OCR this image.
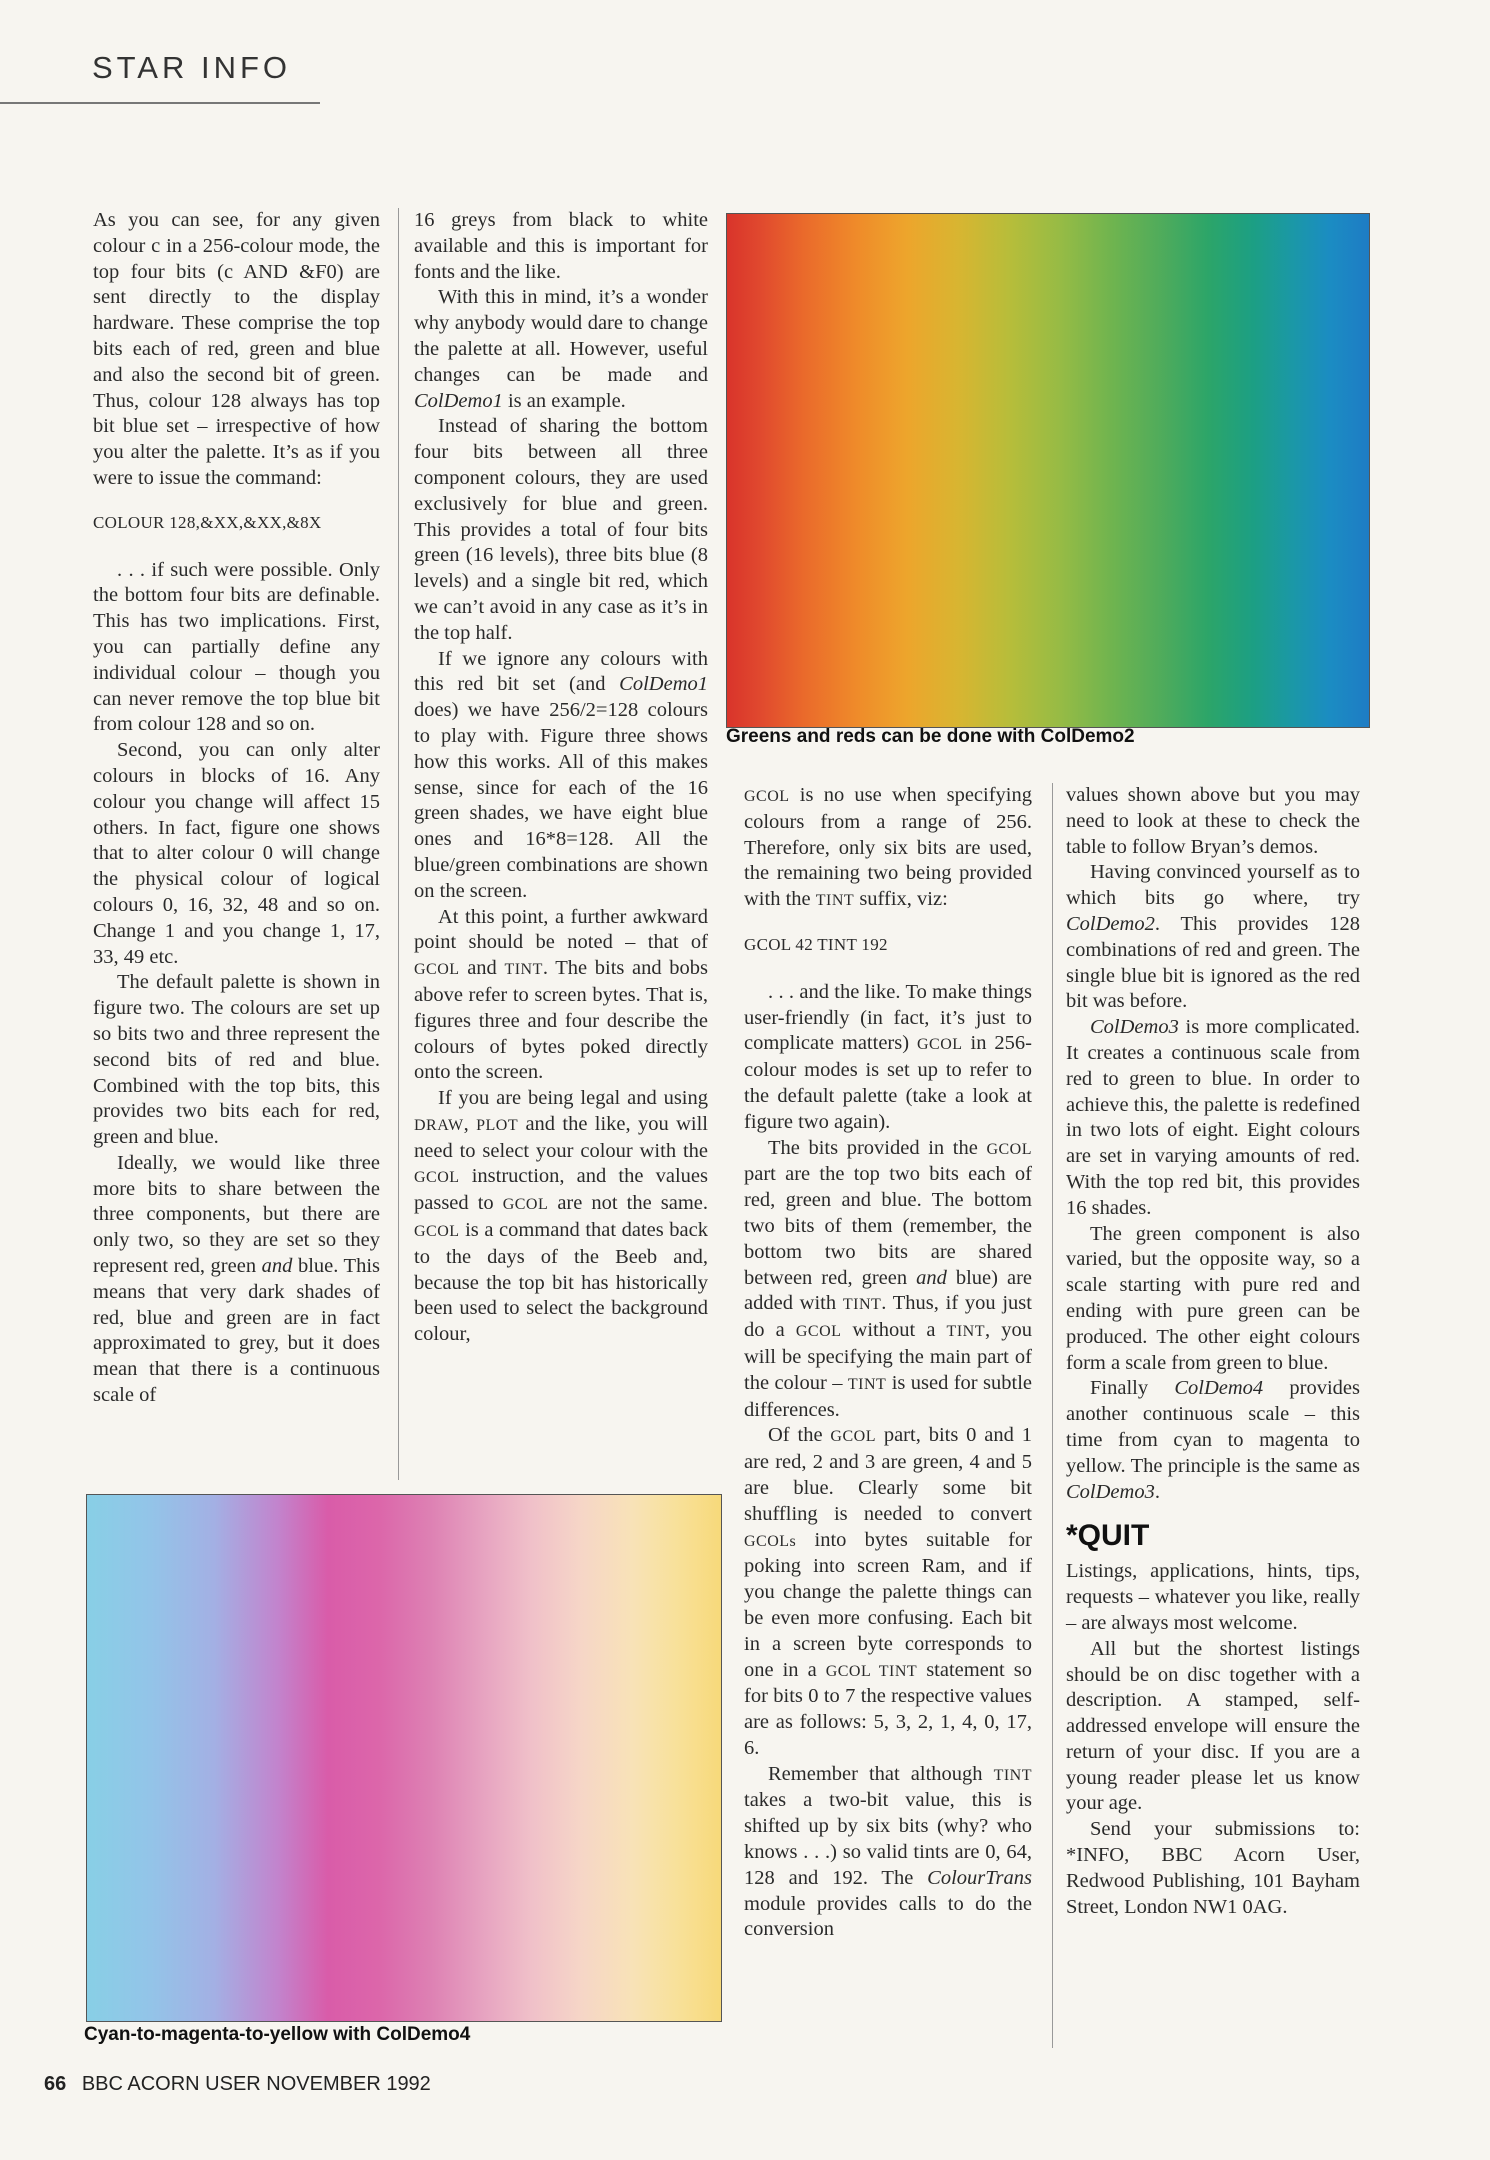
STAR INFO
Greens and reds can be done with ColDemo2
Cyan-to-magenta-to-yellow with ColDemo4

As you can see, for any given colour c in a 256-colour mode, the top four bits (c AND &F0) are sent directly to the display hardware. These comprise the top bits each of red, green and blue and also the second bit of green. Thus, colour 128 always has top bit blue set – irrespective of how you alter the palette. It’s as if you were to issue the command:

COLOUR 128,&XX,&XX,&8X

. . . if such were possible. Only the bottom four bits are definable. This has two implications. First, you can partially define any individual colour – though you can never remove the top blue bit from colour 128 and so on.

Second, you can only alter colours in blocks of 16. Any colour you change will affect 15 others. In fact, figure one shows that to alter colour 0 will change the physical colour of logical colours 0, 16, 32, 48 and so on. Change 1 and you change 1, 17, 33, 49 etc.

The default palette is shown in figure two. The colours are set up so bits two and three represent the second bits of red and blue. Combined with the top bits, this provides two bits each for red, green and blue.

Ideally, we would like three more bits to share between the three components, but there are only two, so they are set so they represent red, green and blue. This means that very dark shades of red, blue and green are in fact approximated to grey, but it does mean that there is a continuous scale of

16 greys from black to white available and this is important for fonts and the like.

With this in mind, it’s a wonder why anybody would dare to change the palette at all. However, useful changes can be made and ColDemo1 is an example.

Instead of sharing the bottom four bits between all three component colours, they are used exclusively for blue and green. This provides a total of four bits green (16 levels), three bits blue (8 levels) and a single bit red, which we can’t avoid in any case as it’s in the top half.

If we ignore any colours with this red bit set (and ColDemo1 does) we have 256/2=128 colours to play with. Figure three shows how this works. All of this makes sense, since for each of the 16 green shades, we have eight blue ones and 16*8=128. All the blue/green combinations are shown on the screen.

At this point, a further awkward point should be noted – that of GCOL and TINT. The bits and bobs above refer to screen bytes. That is, figures three and four describe the colours of bytes poked directly onto the screen.

If you are being legal and using DRAW, PLOT and the like, you will need to select your colour with the GCOL instruction, and the values passed to GCOL are not the same. GCOL is a command that dates back to the days of the Beeb and, because the top bit has historically been used to select the background colour,

GCOL is no use when specifying colours from a range of 256. Therefore, only six bits are used, the remaining two being provided with the TINT suffix, viz:

GCOL 42 TINT 192

. . . and the like. To make things user-friendly (in fact, it’s just to complicate matters) GCOL in 256-colour modes is set up to refer to the default palette (take a look at figure two again).

The bits provided in the GCOL part are the top two bits each of red, green and blue. The bottom two bits of them (remember, the bottom two bits are shared between red, green and blue) are added with TINT. Thus, if you just do a GCOL without a TINT, you will be specifying the main part of the colour – TINT is used for subtle differences.

Of the GCOL part, bits 0 and 1 are red, 2 and 3 are green, 4 and 5 are blue. Clearly some bit shuffling is needed to convert GCOLs into bytes suitable for poking into screen Ram, and if you change the palette things can be even more confusing. Each bit in a screen byte corresponds to one in a GCOL TINT statement so for bits 0 to 7 the respective values are as follows: 5, 3, 2, 1, 4, 0, 17, 6.

Remember that although TINT takes a two-bit value, this is shifted up by six bits (why? who knows . . .) so valid tints are 0, 64, 128 and 192. The ColourTrans module provides calls to do the conversion

values shown above but you may need to look at these to check the table to follow Bryan’s demos.

Having convinced yourself as to which bits go where, try ColDemo2. This provides 128 combinations of red and green. The single blue bit is ignored as the red bit was before.

ColDemo3 is more complicated. It creates a continuous scale from red to green to blue. In order to achieve this, the palette is redefined in two lots of eight. Eight colours are set in varying amounts of red. With the top red bit, this provides 16 shades.

The green component is also varied, but the opposite way, so a scale starting with pure red and ending with pure green can be produced. The other eight colours form a scale from green to blue.

Finally ColDemo4 provides another continuous scale – this time from cyan to magenta to yellow. The principle is the same as ColDemo3.

*QUIT

Listings, applications, hints, tips, requests – whatever you like, really – are always most welcome.

All but the shortest listings should be on disc together with a description. A stamped, self-addressed envelope will ensure the return of your disc. If you are a young reader please let us know your age.

Send your submissions to: *INFO, BBC Acorn User, Redwood Publishing, 101 Bayham Street, London NW1 0AG.

66 BBC ACORN USER NOVEMBER 1992
